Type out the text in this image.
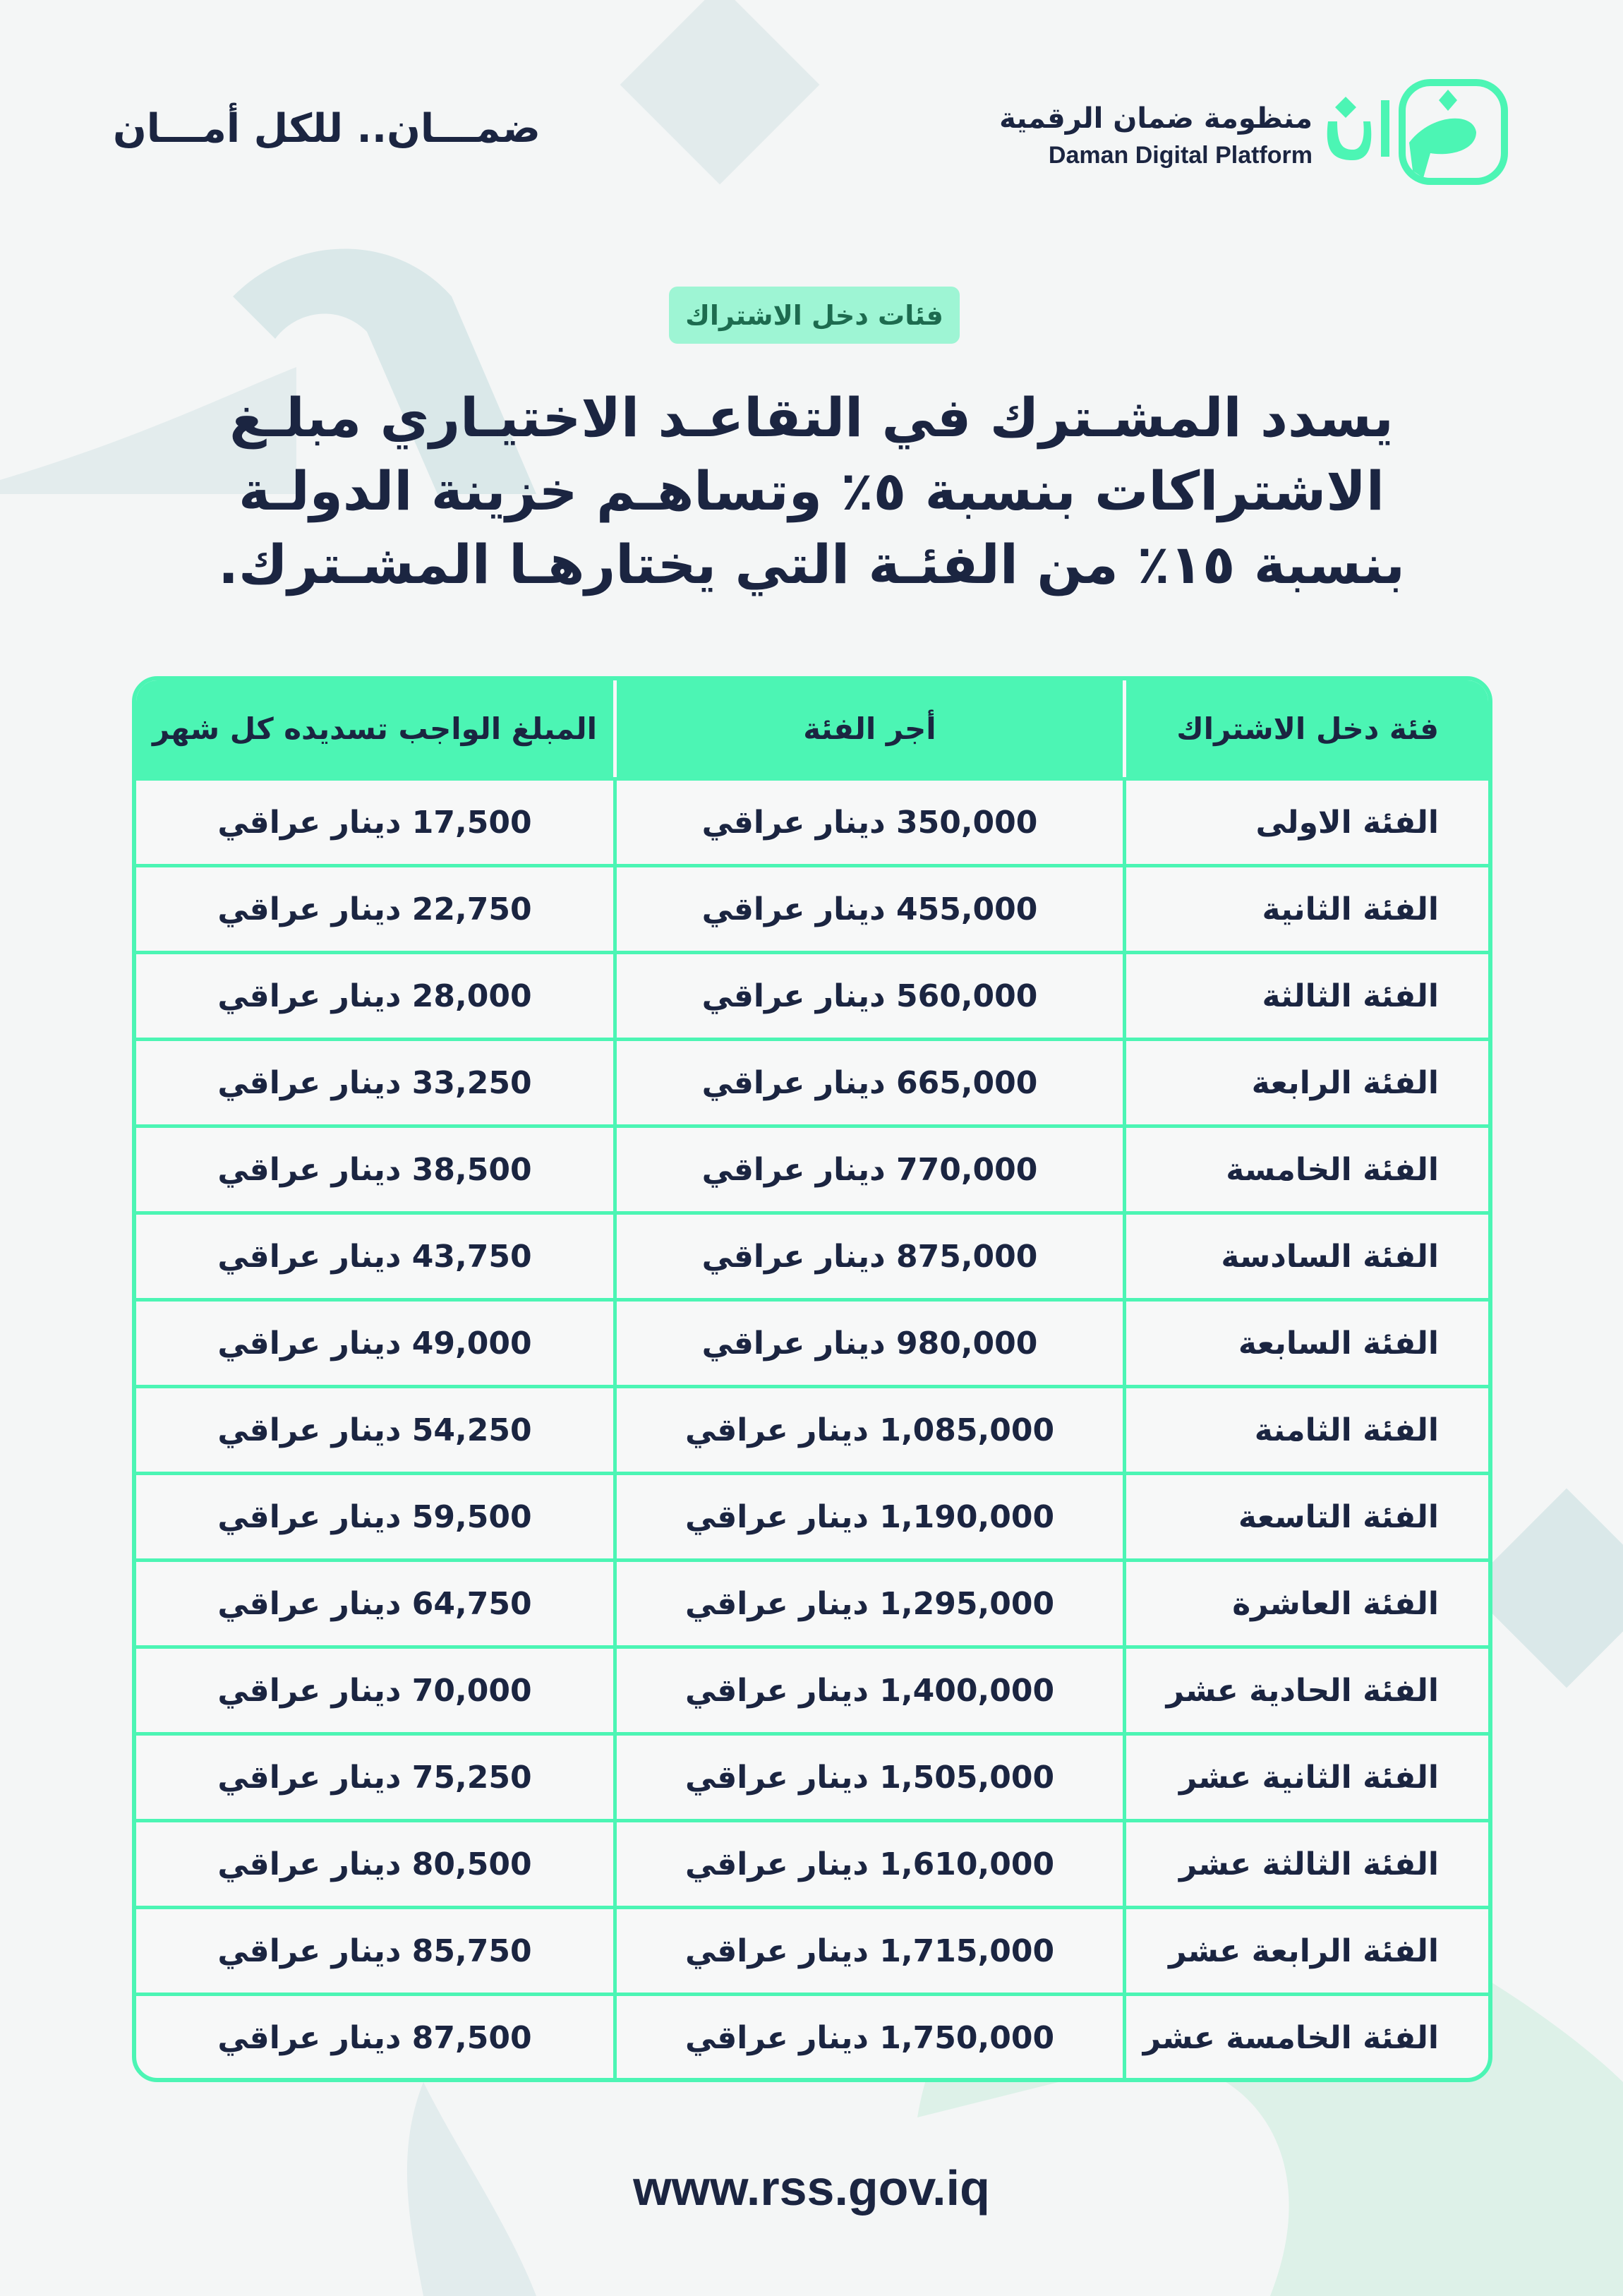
ضمـــان.. للكل أمـــان	منظومة ضمان الرقمية
Daman Digital Platform
فئات دخل الاشتراك
يسدد المشـترك في التقاعـد الاختيـاري مبلـغ الاشتراكات بنسبة ٥٪ وتساهـم خزينة الدولـة بنسبة ١٥٪ من الفئـة التي يختارهـا المشـترك.
فئة دخل الاشتراك
أجر الفئة
المبلغ الواجب تسديده كل شهر
الفئة الاولى
350,000 دينار عراقي
17,500 دينار عراقي
الفئة الثانية
455,000 دينار عراقي
22,750 دينار عراقي
الفئة الثالثة
560,000 دينار عراقي
28,000 دينار عراقي
الفئة الرابعة
665,000 دينار عراقي
33,250 دينار عراقي
الفئة الخامسة
770,000 دينار عراقي
38,500 دينار عراقي
الفئة السادسة
875,000 دينار عراقي
43,750 دينار عراقي
الفئة السابعة
980,000 دينار عراقي
49,000 دينار عراقي
الفئة الثامنة
1,085,000 دينار عراقي
54,250 دينار عراقي
الفئة التاسعة
1,190,000 دينار عراقي
59,500 دينار عراقي
الفئة العاشرة
1,295,000 دينار عراقي
64,750 دينار عراقي
الفئة الحادية عشر
1,400,000 دينار عراقي
70,000 دينار عراقي
الفئة الثانية عشر
1,505,000 دينار عراقي
75,250 دينار عراقي
الفئة الثالثة عشر
1,610,000 دينار عراقي
80,500 دينار عراقي
الفئة الرابعة عشر
1,715,000 دينار عراقي
85,750 دينار عراقي
الفئة الخامسة عشر
1,750,000 دينار عراقي
87,500 دينار عراقي
www.rss.gov.iq
